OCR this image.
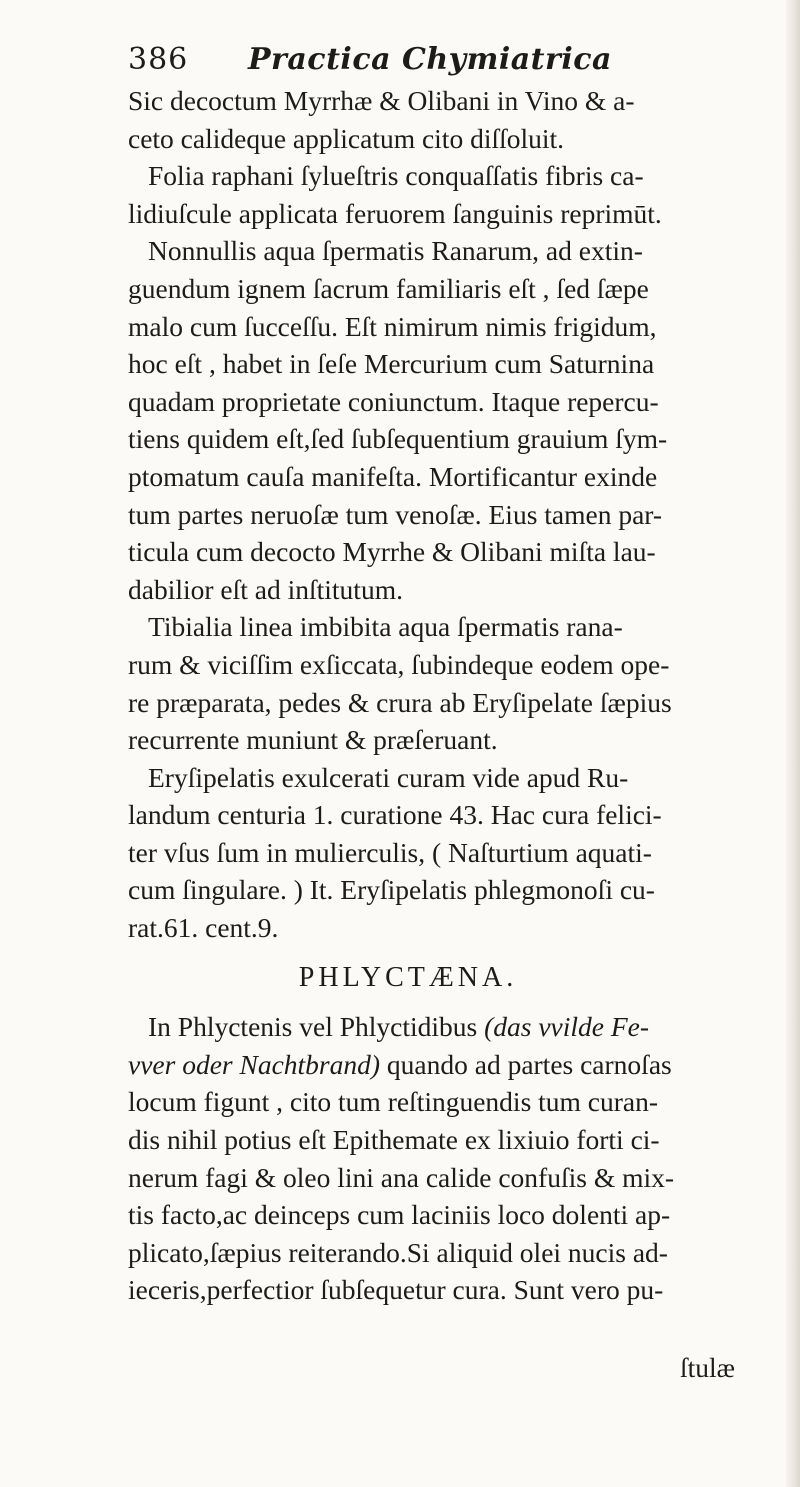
386 Practica Chymiatrica
Sic decoctum Myrrhæ & Olibani in Vino & a-
ceto calideque applicatum cito diſſoluit.
Folia raphani ſylueſtris conquaſſatis fibris ca-
lidiuſcule applicata feruorem ſanguinis reprimūt.
Nonnullis aqua ſpermatis Ranarum, ad extin-
guendum ignem ſacrum familiaris eſt , ſed ſæpe
malo cum ſucceſſu. Eſt nimirum nimis frigidum,
hoc eſt , habet in ſeſe Mercurium cum Saturnina
quadam proprietate coniunctum. Itaque repercu-
tiens quidem eſt,ſed ſubſequentium grauium ſym-
ptomatum cauſa manifeſta. Mortificantur exinde
tum partes neruoſæ tum venoſæ. Eius tamen par-
ticula cum decocto Myrrhe & Olibani miſta lau-
dabilior eſt ad inſtitutum.
Tibialia linea imbibita aqua ſpermatis rana-
rum & viciſſim exſiccata, ſubindeque eodem ope-
re præparata, pedes & crura ab Eryſipelate ſæpius
recurrente muniunt & præſeruant.
Eryſipelatis exulcerati curam vide apud Ru-
landum centuria 1. curatione 43. Hac cura felici-
ter vſus ſum in mulierculis, ( Naſturtium aquati-
cum ſingulare. ) It. Eryſipelatis phlegmonoſi cu-
rat.61. cent.9.
PHLYCTÆNA.
In Phlyctenis vel Phlyctidibus (das vvilde Fe-
vver oder Nachtbrand) quando ad partes carnoſas
locum figunt , cito tum reſtinguendis tum curan-
dis nihil potius eſt Epithemate ex lixiuio forti ci-
nerum fagi & oleo lini ana calide confuſis & mix-
tis facto,ac deinceps cum laciniis loco dolenti ap-
plicato,ſæpius reiterando.Si aliquid olei nucis ad-
ieceris,perfectior ſubſequetur cura. Sunt vero pu-
ſtulæ
